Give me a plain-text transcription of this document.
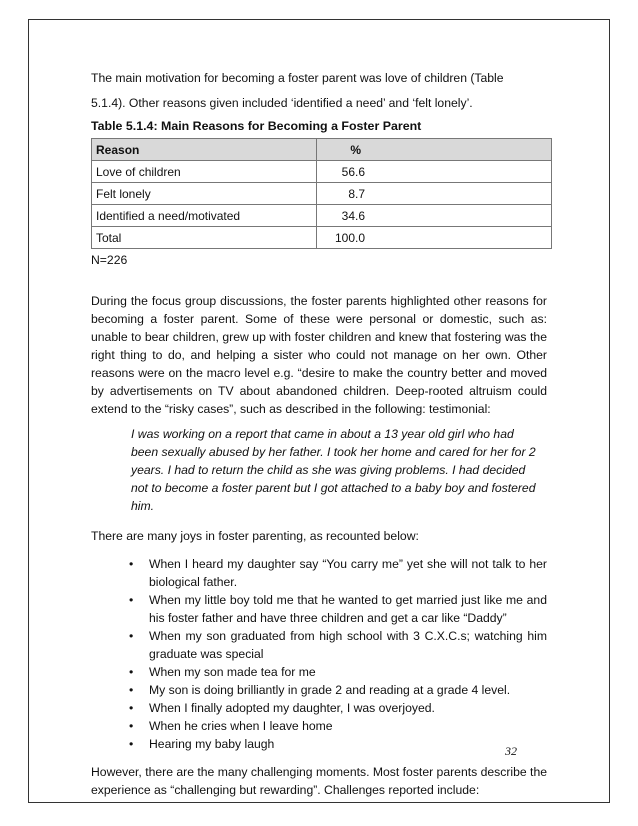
The main motivation for becoming a foster parent was love of children (Table
5.1.4). Other reasons given included ‘identified a need’ and ‘felt lonely’.

Table 5.1.4: Main Reasons for Becoming a Foster Parent
Reason	%
Love of children	56.6
Felt lonely	8.7
Identified a need/motivated	34.6
Total	100.0

N=226

During the focus group discussions, the foster parents highlighted other reasons for becoming a foster parent. Some of these were personal or domestic, such as: unable to bear children, grew up with foster children and knew that fostering was the right thing to do, and helping a sister who could not manage on her own. Other reasons were on the macro level e.g. “desire to make the country better and moved by advertisements on TV about abandoned children. Deep-rooted altruism could extend to the “risky cases”, such as described in the following: testimonial:

I was working on a report that came in about a 13 year old girl who had been sexually abused by her father. I took her home and cared for her for 2 years. I had to return the child as she was giving problems. I had decided not to become a foster parent but I got attached to a baby boy and fostered him.

There are many joys in foster parenting, as recounted below:

• When I heard my daughter say “You carry me” yet she will not talk to her biological father.
• When my little boy told me that he wanted to get married just like me and his foster father and have three children and get a car like “Daddy”
• When my son graduated from high school with 3 C.X.C.s; watching him graduate was special
• When my son made tea for me
• My son is doing brilliantly in grade 2 and reading at a grade 4 level.
• When I finally adopted my daughter, I was overjoyed.
• When he cries when I leave home
• Hearing my baby laugh

However, there are the many challenging moments. Most foster parents describe the experience as “challenging but rewarding”. Challenges reported include:

32
